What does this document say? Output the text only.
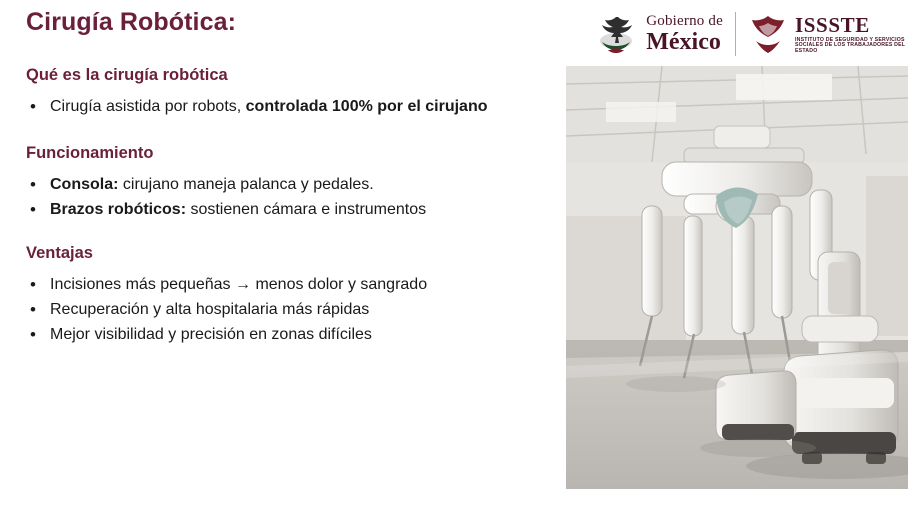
Cirugía Robótica:	Gobierno de
México
ISSSTE
INSTITUTO DE SEGURIDAD Y SERVICIOS SOCIALES DE LOS TRABAJADORES DEL ESTADO
Qué es la cirugía robótica
• Cirugía asistida por robots, controlada 100% por el cirujano
Funcionamiento
• Consola: cirujano maneja palanca y pedales.
• Brazos robóticos: sostienen cámara e instrumentos
Ventajas
• Incisiones más pequeñas → menos dolor y sangrado
• Recuperación y alta hospitalaria más rápidas
• Mejor visibilidad y precisión en zonas difíciles
